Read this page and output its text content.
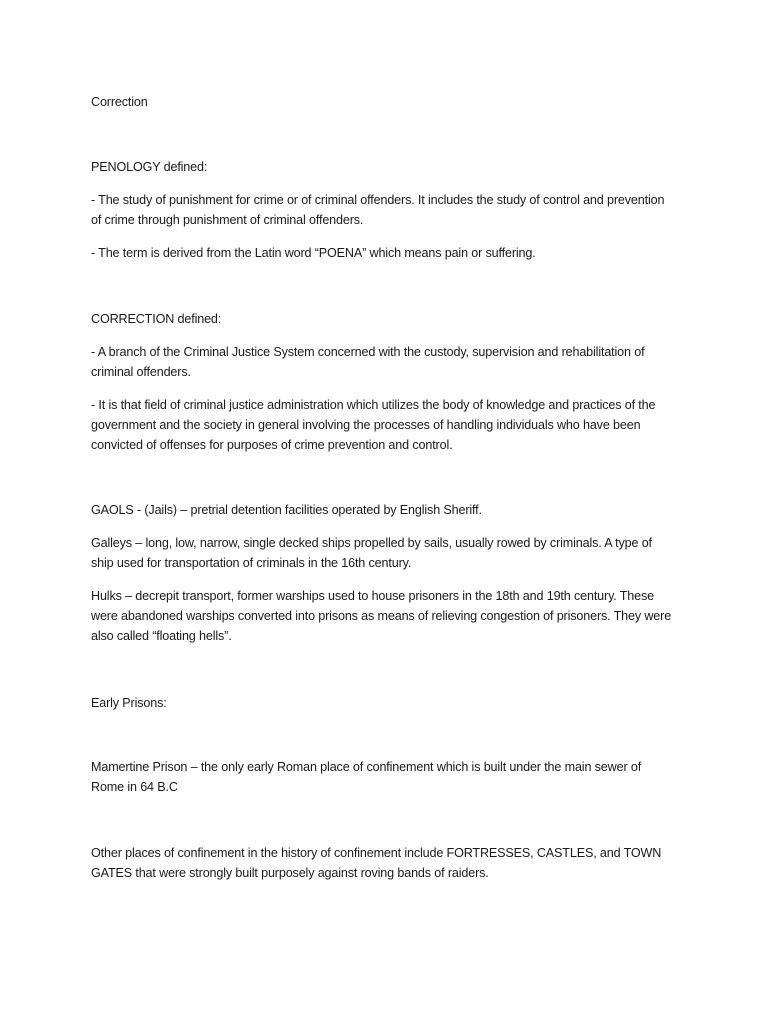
Correction

PENOLOGY defined:

- The study of punishment for crime or of criminal offenders. It includes the study of control and prevention of crime through punishment of criminal offenders.

- The term is derived from the Latin word “POENA” which means pain or suffering.

CORRECTION defined:

- A branch of the Criminal Justice System concerned with the custody, supervision and rehabilitation of criminal offenders.

- It is that field of criminal justice administration which utilizes the body of knowledge and practices of the government and the society in general involving the processes of handling individuals who have been convicted of offenses for purposes of crime prevention and control.

GAOLS - (Jails) – pretrial detention facilities operated by English Sheriff.

Galleys – long, low, narrow, single decked ships propelled by sails, usually rowed by criminals. A type of ship used for transportation of criminals in the 16th century.

Hulks – decrepit transport, former warships used to house prisoners in the 18th and 19th century. These were abandoned warships converted into prisons as means of relieving congestion of prisoners. They were also called “floating hells”.

Early Prisons:

Mamertine Prison – the only early Roman place of confinement which is built under the main sewer of Rome in 64 B.C

Other places of confinement in the history of confinement include FORTRESSES, CASTLES, and TOWN GATES that were strongly built purposely against roving bands of raiders.
